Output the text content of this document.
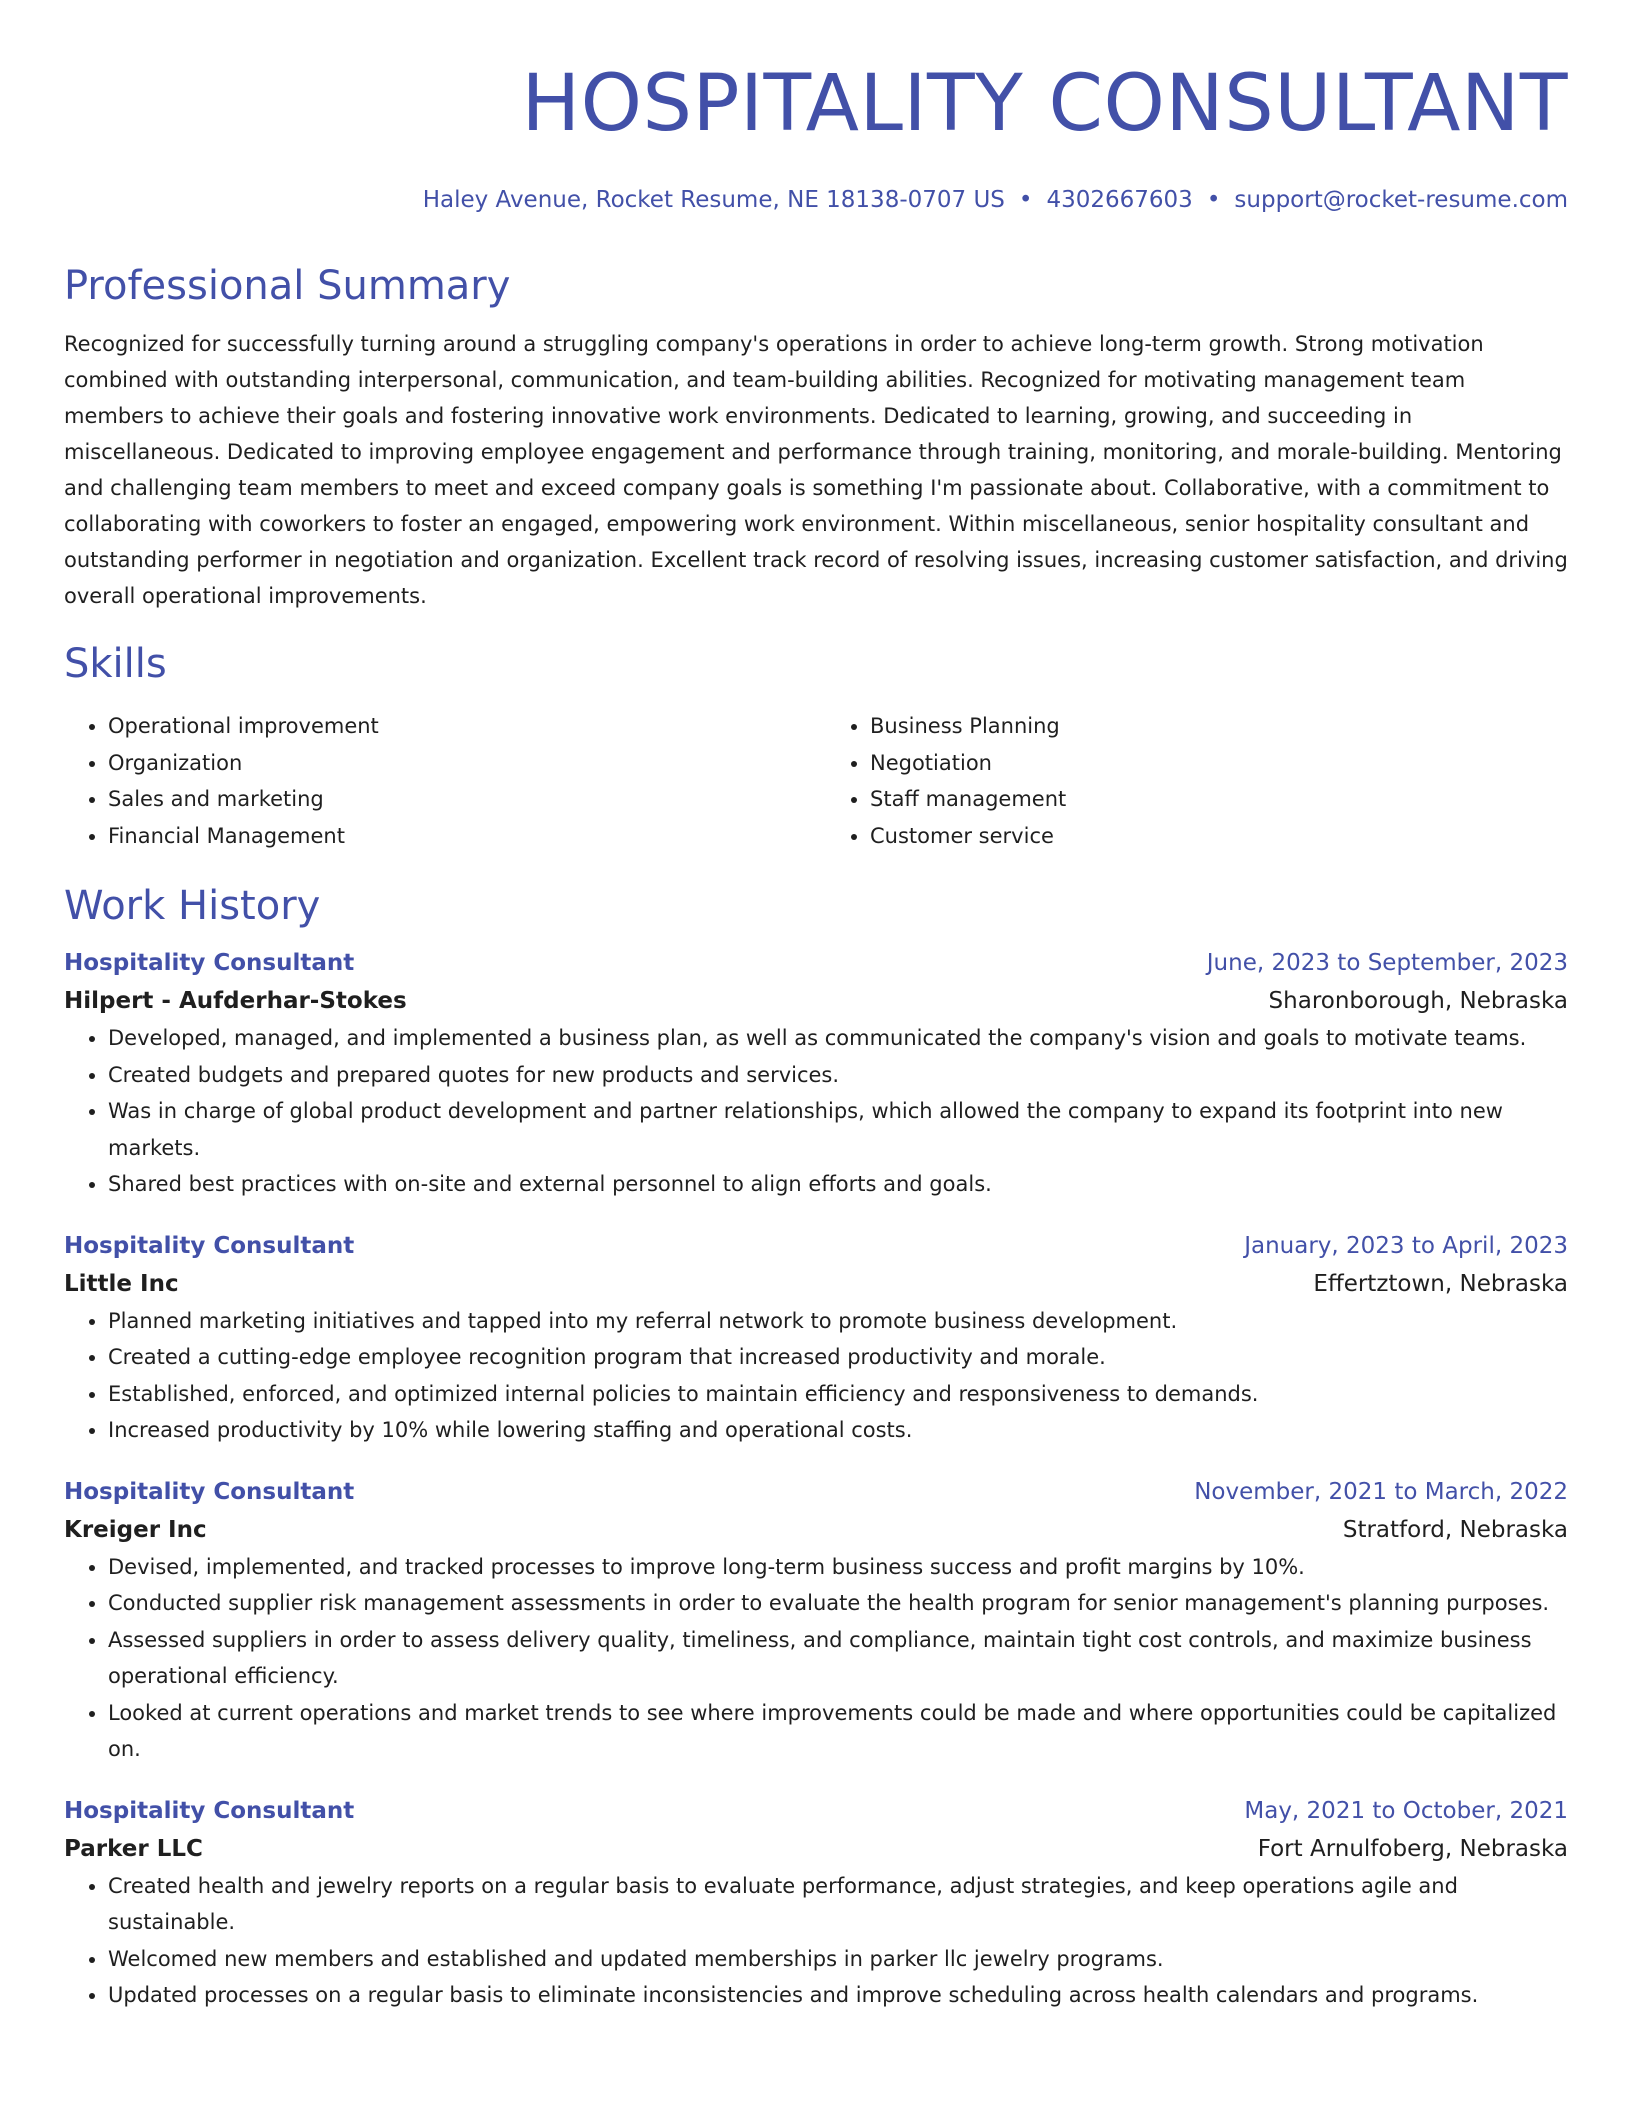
HOSPITALITY CONSULTANT
Haley Avenue, Rocket Resume, NE 18138-0707 US • 4302667603 • support@rocket-resume.com
Professional Summary
Recognized for successfully turning around a struggling company's operations in order to achieve long-term growth. Strong motivation combined with outstanding interpersonal, communication, and team-building abilities. Recognized for motivating management team members to achieve their goals and fostering innovative work environments. Dedicated to learning, growing, and succeeding in miscellaneous. Dedicated to improving employee engagement and performance through training, monitoring, and morale-building. Mentoring and challenging team members to meet and exceed company goals is something I'm passionate about. Collaborative, with a commitment to collaborating with coworkers to foster an engaged, empowering work environment. Within miscellaneous, senior hospitality consultant and outstanding performer in negotiation and organization. Excellent track record of resolving issues, increasing customer satisfaction, and driving overall operational improvements.
Skills
• Operational improvement
• Organization
• Sales and marketing
• Financial Management
• Business Planning
• Negotiation
• Staff management
• Customer service
Work History
Hospitality Consultant	June, 2023 to September, 2023
Hilpert - Aufderhar-Stokes	Sharonborough, Nebraska
• Developed, managed, and implemented a business plan, as well as communicated the company's vision and goals to motivate teams.
• Created budgets and prepared quotes for new products and services.
• Was in charge of global product development and partner relationships, which allowed the company to expand its footprint into new markets.
• Shared best practices with on-site and external personnel to align efforts and goals.
Hospitality Consultant	January, 2023 to April, 2023
Little Inc	Effertztown, Nebraska
• Planned marketing initiatives and tapped into my referral network to promote business development.
• Created a cutting-edge employee recognition program that increased productivity and morale.
• Established, enforced, and optimized internal policies to maintain efficiency and responsiveness to demands.
• Increased productivity by 10% while lowering staffing and operational costs.
Hospitality Consultant	November, 2021 to March, 2022
Kreiger Inc	Stratford, Nebraska
• Devised, implemented, and tracked processes to improve long-term business success and profit margins by 10%.
• Conducted supplier risk management assessments in order to evaluate the health program for senior management's planning purposes.
• Assessed suppliers in order to assess delivery quality, timeliness, and compliance, maintain tight cost controls, and maximize business operational efficiency.
• Looked at current operations and market trends to see where improvements could be made and where opportunities could be capitalized on.
Hospitality Consultant	May, 2021 to October, 2021
Parker LLC	Fort Arnulfoberg, Nebraska
• Created health and jewelry reports on a regular basis to evaluate performance, adjust strategies, and keep operations agile and sustainable.
• Welcomed new members and established and updated memberships in parker llc jewelry programs.
• Updated processes on a regular basis to eliminate inconsistencies and improve scheduling across health calendars and programs.
